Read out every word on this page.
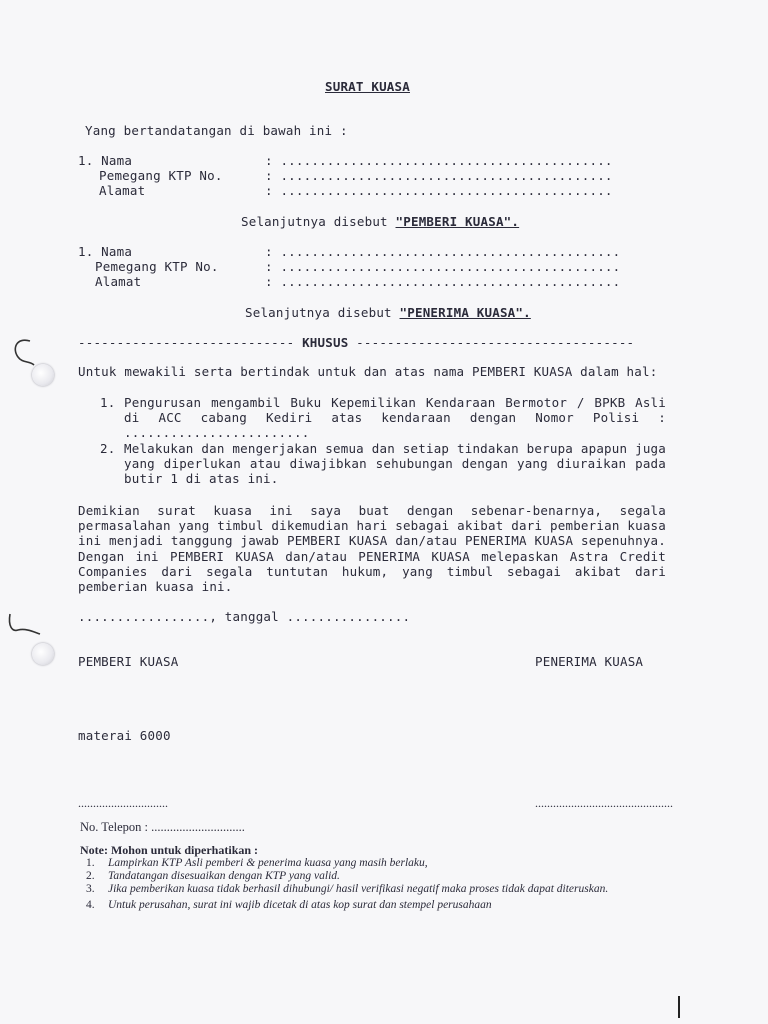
SURAT KUASA
Yang bertandatangan di bawah ini :
1. Nama	: ...........................................
Pemegang KTP No.	: ...........................................
Alamat	: ...........................................
Selanjutnya disebut "PEMBERI KUASA".
1. Nama	: ............................................
Pemegang KTP No.	: ............................................
Alamat	: ............................................
Selanjutnya disebut "PENERIMA KUASA".
---------------------------- KHUSUS ------------------------------------
Untuk mewakili serta bertindak untuk dan atas nama PEMBERI KUASA dalam hal:
1. Pengurusan mengambil Buku Kepemilikan Kendaraan Bermotor / BPKB Asli di ACC cabang Kediri atas kendaraan dengan Nomor Polisi : ........................
2. Melakukan dan mengerjakan semua dan setiap tindakan berupa apapun juga yang diperlukan atau diwajibkan sehubungan dengan yang diuraikan pada butir 1 di atas ini.
Demikian surat kuasa ini saya buat dengan sebenar-benarnya, segala permasalahan yang timbul dikemudian hari sebagai akibat dari pemberian kuasa ini menjadi tanggung jawab PEMBERI KUASA dan/atau PENERIMA KUASA sepenuhnya. Dengan ini PEMBERI KUASA dan/atau PENERIMA KUASA melepaskan Astra Credit Companies dari segala tuntutan hukum, yang timbul sebagai akibat dari pemberian kuasa ini.
................., tanggal ................
PEMBERI KUASA	PENERIMA KUASA
materai 6000
..............................	..............................................
No. Telepon : ..............................
Note: Mohon untuk diperhatikan :
1.	Lampirkan KTP Asli pemberi & penerima kuasa yang masih berlaku,
2.	Tandatangan disesuaikan dengan KTP yang valid.
3.	Jika pemberikan kuasa tidak berhasil dihubungi/ hasil verifikasi negatif maka proses tidak dapat diteruskan.
4.	Untuk perusahan, surat ini wajib dicetak di atas kop surat dan stempel perusahaan
